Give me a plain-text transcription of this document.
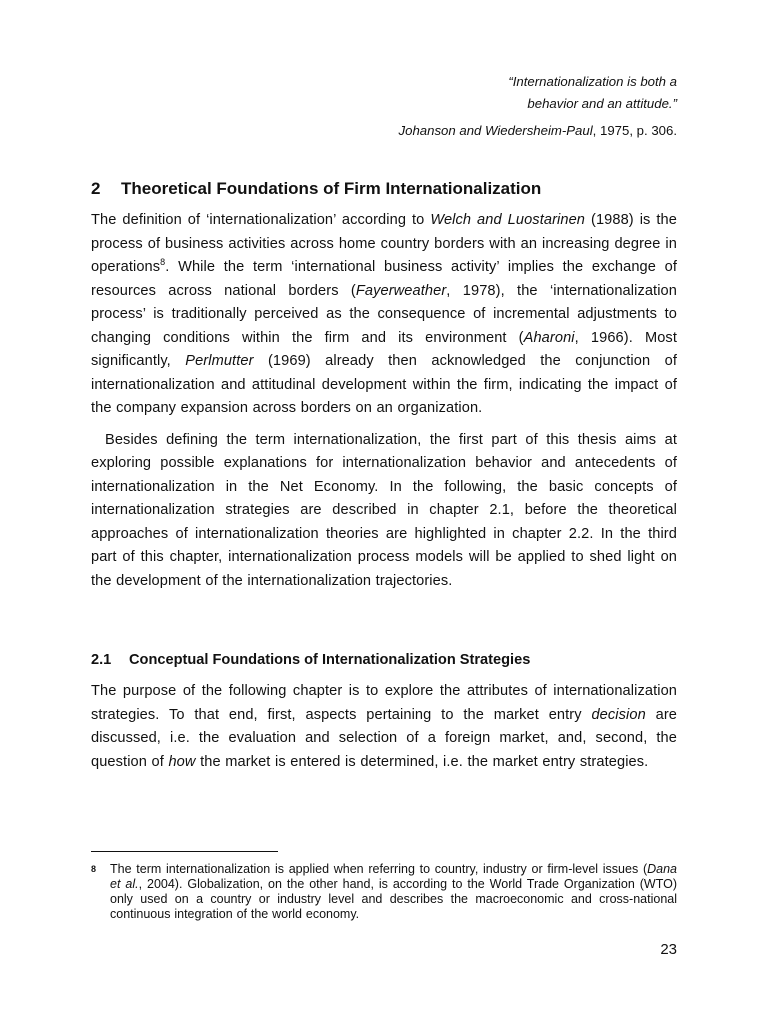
“Internationalization is both a
behavior and an attitude.”
Johanson and Wiedersheim-Paul, 1975, p. 306.
2 Theoretical Foundations of Firm Internationalization

The definition of ‘internationalization’ according to Welch and Luostarinen (1988) is the process of business activities across home country borders with an increasing degree in operations$^8$. While the term ‘international business activity’ implies the exchange of resources across national borders (Fayerweather, 1978), the ‘internationalization process’ is traditionally perceived as the consequence of incremental adjustments to changing conditions within the firm and its environment (Aharoni, 1966). Most significantly, Perlmutter (1969) already then acknowledged the conjunction of internationalization and attitudinal development within the firm, indicating the impact of the company expansion across borders on an organization.

Besides defining the term internationalization, the first part of this thesis aims at exploring possible explanations for internationalization behavior and antecedents of internationalization in the Net Economy. In the following, the basic concepts of internationalization strategies are described in chapter 2.1, before the theoretical approaches of internationalization theories are highlighted in chapter 2.2. In the third part of this chapter, internationalization process models will be applied to shed light on the development of the internationalization trajectories.

2.1 Conceptual Foundations of Internationalization Strategies

The purpose of the following chapter is to explore the attributes of internationalization strategies. To that end, first, aspects pertaining to the market entry decision are discussed, i.e. the evaluation and selection of a foreign market, and, second, the question of how the market is entered is determined, i.e. the market entry strategies.

8 The term internationalization is applied when referring to country, industry or firm-level issues (Dana et al., 2004). Globalization, on the other hand, is according to the World Trade Organization (WTO) only used on a country or industry level and describes the macroeconomic and cross-national continuous integration of the world economy.
23
